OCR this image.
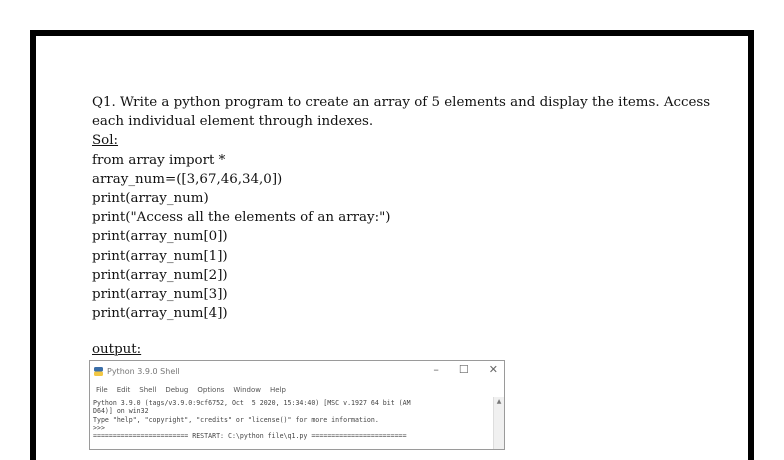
Q1. Write a python program to create an array of 5 elements and display the items. Access each individual element through indexes.

Sol:
from array import *
array_num=([3,67,46,34,0])
print(array_num)
print("Access all the elements of an array:")
print(array_num[0])
print(array_num[1])
print(array_num[2])
print(array_num[3])
print(array_num[4])
output:
Python 3.9.0 Shell	– ☐ ✕
File Edit Shell Debug Options Window Help
Python 3.9.0 (tags/v3.9.0:9cf6752, Oct  5 2020, 15:34:40) [MSC v.1927 64 bit (AM
D64)] on win32
Type "help", "copyright", "credits" or "license()" for more information.
>>>
======================== RESTART: C:\python file\q1.py ========================
▲
